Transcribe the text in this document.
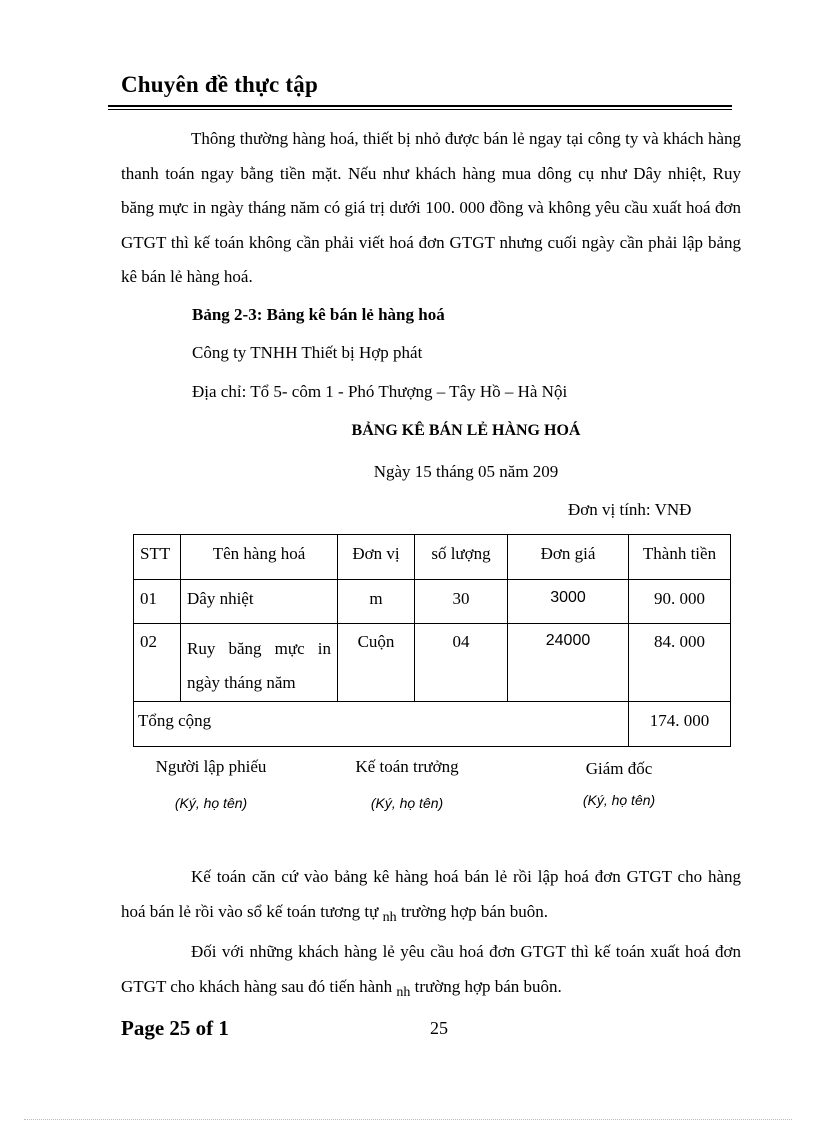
Chuyên đề thực tập

Thông thường hàng hoá, thiết bị nhỏ được bán lẻ ngay tại công ty và khách hàng thanh toán ngay bằng tiền mặt. Nếu như khách hàng mua dông cụ như Dây nhiệt, Ruy băng mực in ngày tháng năm có giá trị dưới 100. 000 đồng và không yêu cầu xuất hoá đơn GTGT thì kế toán không cần phải viết hoá đơn GTGT nhưng cuối ngày cần phải lập bảng kê bán lẻ hàng hoá.

Bảng 2-3: Bảng kê bán lẻ hàng hoá
Công ty TNHH Thiết bị Hợp phát
Địa chỉ: Tổ 5- côm 1 - Phó Thượng – Tây Hồ – Hà Nội
BẢNG KÊ BÁN LẺ HÀNG HOÁ
Ngày 15 tháng 05 năm 209
Đơn vị tính: VNĐ
STT	Tên hàng hoá	Đơn vị	số lượng	Đơn giá	Thành tiền
01	Dây nhiệt	m	30	3000	90. 000
02	Ruy băng mực in ngày tháng năm	Cuộn	04	24000	84. 000
Tổng cộng					174. 000
Người lập phiếu
(Ký, họ tên)
Kế toán trưởng
(Ký, họ tên)
Giám đốc
(Ký, họ tên)

Kế toán căn cứ vào bảng kê hàng hoá bán lẻ rồi lập hoá đơn GTGT cho hàng hoá bán lẻ rồi vào sổ kế toán tương tự $_{nh}$ trường hợp bán buôn.

Đối với những khách hàng lẻ yêu cầu hoá đơn GTGT thì kế toán xuất hoá đơn GTGT cho khách hàng sau đó tiến hành $_{nh}$ trường hợp bán buôn.

Page 25 of 1	25
